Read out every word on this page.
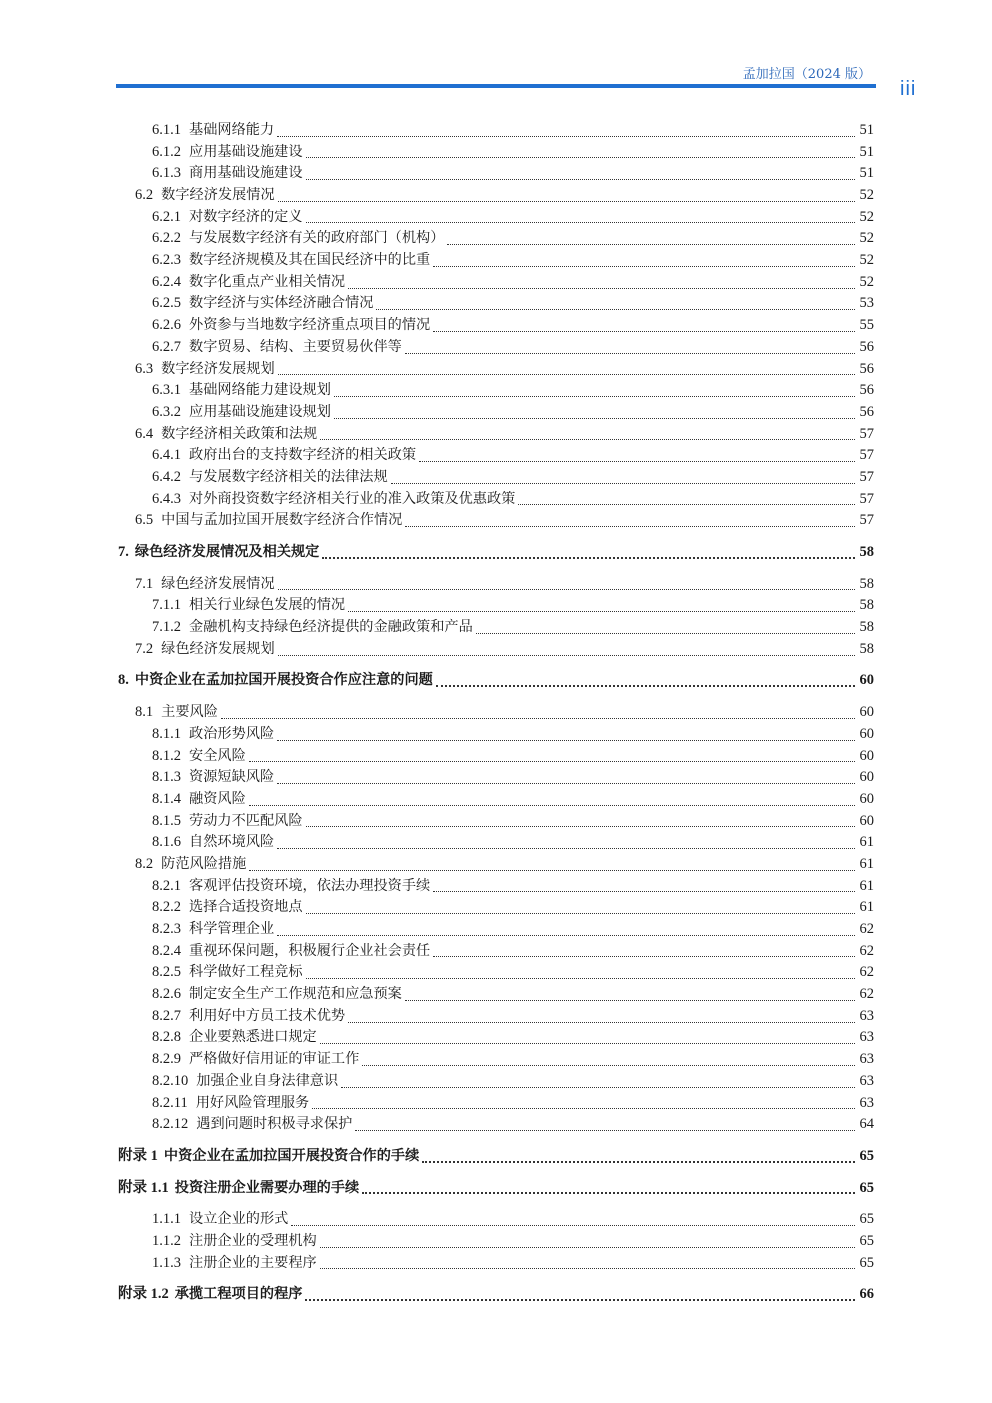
孟加拉国（2024 版）
iii
6.1.1 基础网络能力	51
6.1.2 应用基础设施建设	51
6.1.3 商用基础设施建设	51
6.2 数字经济发展情况	52
6.2.1 对数字经济的定义	52
6.2.2 与发展数字经济有关的政府部门（机构）	52
6.2.3 数字经济规模及其在国民经济中的比重	52
6.2.4 数字化重点产业相关情况	52
6.2.5 数字经济与实体经济融合情况	53
6.2.6 外资参与当地数字经济重点项目的情况	55
6.2.7 数字贸易、结构、主要贸易伙伴等	56
6.3 数字经济发展规划	56
6.3.1 基础网络能力建设规划	56
6.3.2 应用基础设施建设规划	56
6.4 数字经济相关政策和法规	57
6.4.1 政府出台的支持数字经济的相关政策	57
6.4.2 与发展数字经济相关的法律法规	57
6.4.3 对外商投资数字经济相关行业的准入政策及优惠政策	57
6.5 中国与孟加拉国开展数字经济合作情况	57
7. 绿色经济发展情况及相关规定	58
7.1 绿色经济发展情况	58
7.1.1 相关行业绿色发展的情况	58
7.1.2 金融机构支持绿色经济提供的金融政策和产品	58
7.2 绿色经济发展规划	58
8. 中资企业在孟加拉国开展投资合作应注意的问题	60
8.1 主要风险	60
8.1.1 政治形势风险	60
8.1.2 安全风险	60
8.1.3 资源短缺风险	60
8.1.4 融资风险	60
8.1.5 劳动力不匹配风险	60
8.1.6 自然环境风险	61
8.2 防范风险措施	61
8.2.1 客观评估投资环境，依法办理投资手续	61
8.2.2 选择合适投资地点	61
8.2.3 科学管理企业	62
8.2.4 重视环保问题，积极履行企业社会责任	62
8.2.5 科学做好工程竞标	62
8.2.6 制定安全生产工作规范和应急预案	62
8.2.7 利用好中方员工技术优势	63
8.2.8 企业要熟悉进口规定	63
8.2.9 严格做好信用证的审证工作	63
8.2.10 加强企业自身法律意识	63
8.2.11 用好风险管理服务	63
8.2.12 遇到问题时积极寻求保护	64
附录 1 中资企业在孟加拉国开展投资合作的手续	65
附录 1.1 投资注册企业需要办理的手续	65
1.1.1 设立企业的形式	65
1.1.2 注册企业的受理机构	65
1.1.3 注册企业的主要程序	65
附录 1.2 承揽工程项目的程序	66
